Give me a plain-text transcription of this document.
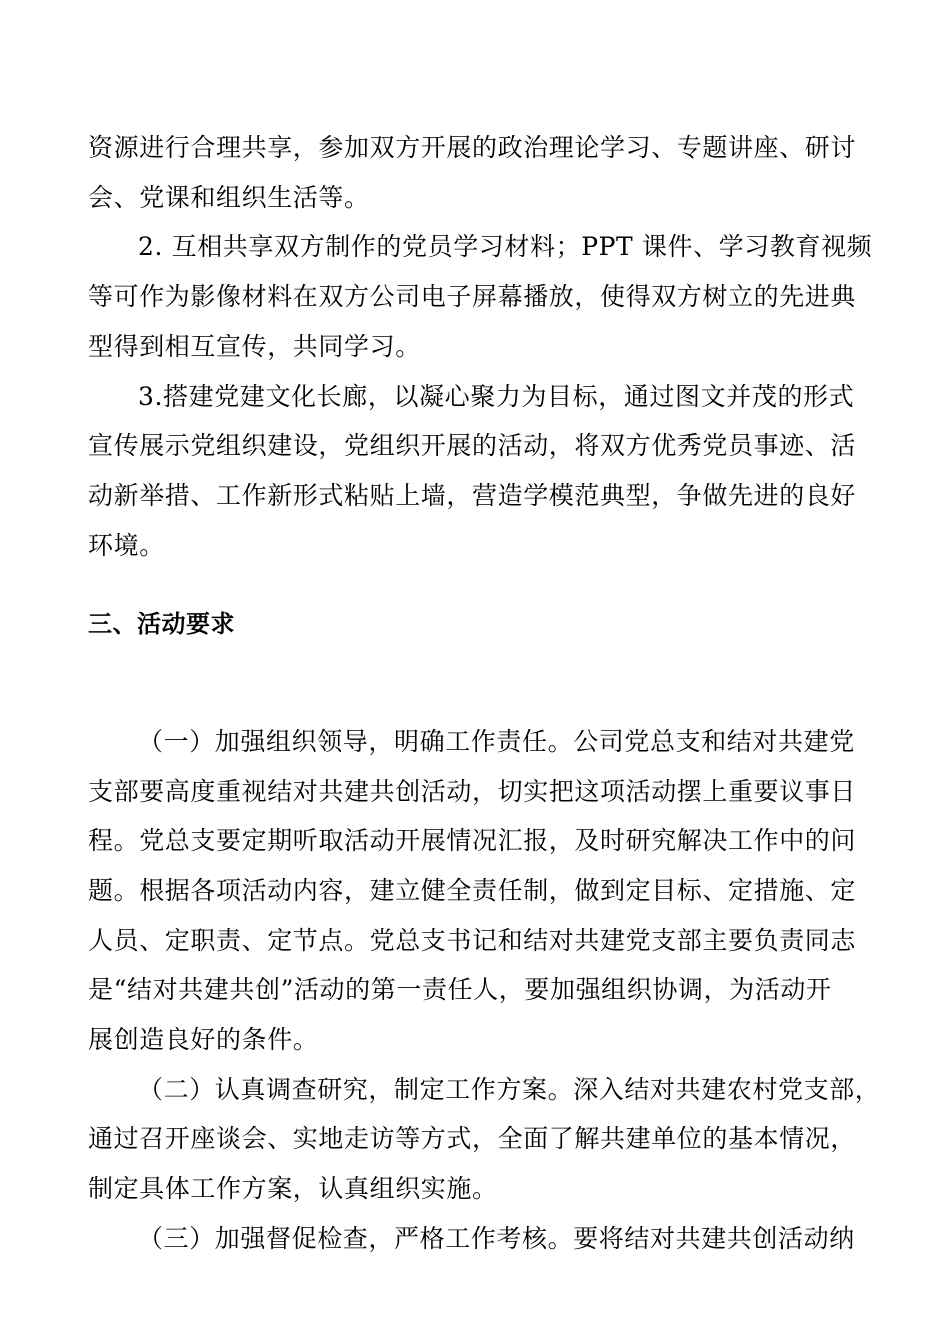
资源进行合理共享，参加双方开展的政治理论学习、专题讲座、研讨
会、党课和组织生活等。
2. 互相共享双方制作的党员学习材料；PPT 课件、学习教育视频
等可作为影像材料在双方公司电子屏幕播放，使得双方树立的先进典
型得到相互宣传，共同学习。
3.搭建党建文化长廊，以凝心聚力为目标，通过图文并茂的形式
宣传展示党组织建设，党组织开展的活动，将双方优秀党员事迹、活
动新举措、工作新形式粘贴上墙，营造学模范典型，争做先进的良好
环境。
三、活动要求
（一）加强组织领导，明确工作责任。公司党总支和结对共建党
支部要高度重视结对共建共创活动，切实把这项活动摆上重要议事日
程。党总支要定期听取活动开展情况汇报，及时研究解决工作中的问
题。根据各项活动内容，建立健全责任制，做到定目标、定措施、定
人员、定职责、定节点。党总支书记和结对共建党支部主要负责同志
是“结对共建共创”活动的第一责任人，要加强组织协调，为活动开
展创造良好的条件。
（二）认真调查研究，制定工作方案。深入结对共建农村党支部，
通过召开座谈会、实地走访等方式，全面了解共建单位的基本情况，
制定具体工作方案，认真组织实施。
（三）加强督促检查，严格工作考核。要将结对共建共创活动纳
